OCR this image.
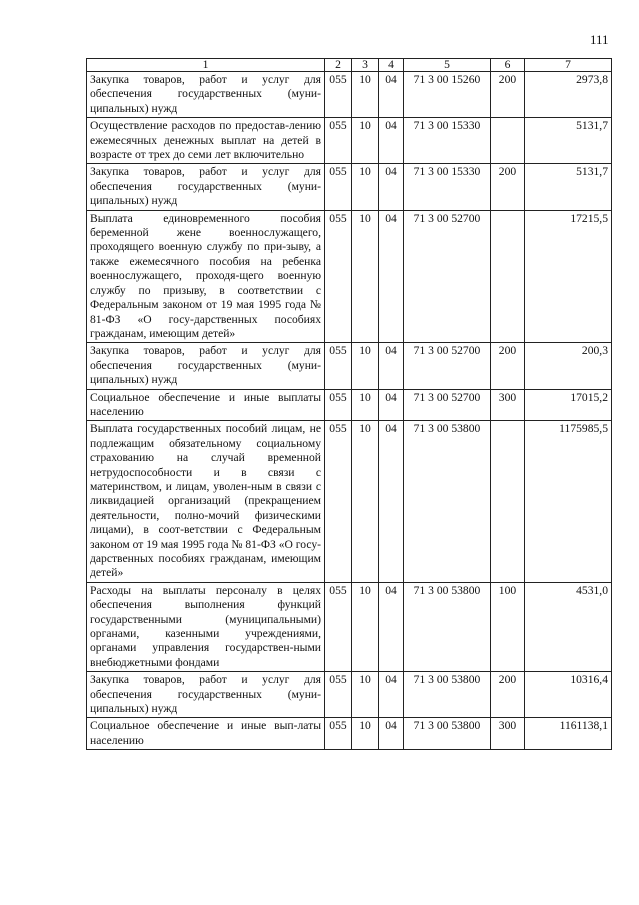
111
1	2	3	4	5	6	7
Закупка товаров, работ и услуг для обеспечения государственных (муни-ципальных) нужд	055	10	04	71 3 00 15260	200	2973,8
Осуществление расходов по предостав-лению ежемесячных денежных выплат на детей в возрасте от трех до семи лет включительно	055	10	04	71 3 00 15330		5131,7
Закупка товаров, работ и услуг для обеспечения государственных (муни-ципальных) нужд	055	10	04	71 3 00 15330	200	5131,7
Выплата единовременного пособия беременной жене военнослужащего, проходящего военную службу по при-зыву, а также ежемесячного пособия на ребенка военнослужащего, проходя-щего военную службу по призыву, в соответствии с Федеральным законом от 19 мая 1995 года № 81-ФЗ «О госу-дарственных пособиях гражданам, имеющим детей»	055	10	04	71 3 00 52700		17215,5
Закупка товаров, работ и услуг для обеспечения государственных (муни-ципальных) нужд	055	10	04	71 3 00 52700	200	200,3
Социальное обеспечение и иные выплаты населению	055	10	04	71 3 00 52700	300	17015,2
Выплата государственных пособий лицам, не подлежащим обязательному социальному страхованию на случай временной нетрудоспособности и в связи с материнством, и лицам, уволен-ным в связи с ликвидацией организаций (прекращением деятельности, полно-мочий физическими лицами), в соот-ветствии с Федеральным законом от 19 мая 1995 года № 81-ФЗ «О госу-дарственных пособиях гражданам, имеющим детей»	055	10	04	71 3 00 53800		1175985,5
Расходы на выплаты персоналу в целях обеспечения выполнения функций государственными (муниципальными) органами, казенными учреждениями, органами управления государствен-ными внебюджетными фондами	055	10	04	71 3 00 53800	100	4531,0
Закупка товаров, работ и услуг для обеспечения государственных (муни-ципальных) нужд	055	10	04	71 3 00 53800	200	10316,4
Социальное обеспечение и иные вып-латы населению	055	10	04	71 3 00 53800	300	1161138,1
